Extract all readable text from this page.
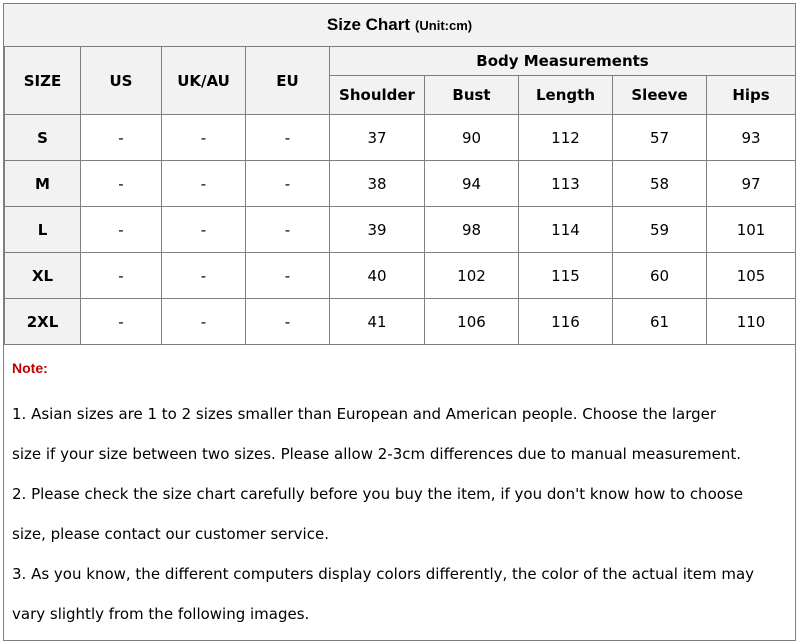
Size Chart (Unit:cm)
SIZE	US	UK/AU	EU	Body Measurements				
				Shoulder	Bust	Length	Sleeve	Hips
S	-	-	-	37	90	112	57	93
M	-	-	-	38	94	113	58	97
L	-	-	-	39	98	114	59	101
XL	-	-	-	40	102	115	60	105
2XL	-	-	-	41	106	116	61	110
Note:
1. Asian sizes are 1 to 2 sizes smaller than European and American people. Choose the larger
size if your size between two sizes. Please allow 2-3cm differences due to manual measurement.
2. Please check the size chart carefully before you buy the item, if you don't know how to choose
size, please contact our customer service.
3. As you know, the different computers display colors differently, the color of the actual item may
vary slightly from the following images.
